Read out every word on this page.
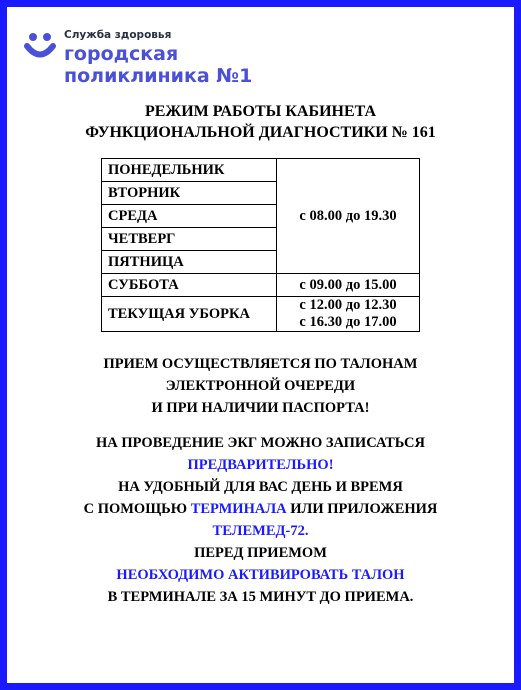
Служба здоровья
городская
поликлиника №1
РЕЖИМ РАБОТЫ КАБИНЕТА
ФУНКЦИОНАЛЬНОЙ ДИАГНОСТИКИ № 161
ПОНЕДЕЛЬНИК	с 08.00 до 19.30
ВТОРНИК	
СРЕДА	
ЧЕТВЕРГ	
ПЯТНИЦА	
СУББОТА	с 09.00 до 15.00
ТЕКУЩАЯ УБОРКА	с 12.00 до 12.30
с 16.30 до 17.00
ПРИЕМ ОСУЩЕСТВЛЯЕТСЯ ПО ТАЛОНАМ
ЭЛЕКТРОННОЙ ОЧЕРЕДИ
И ПРИ НАЛИЧИИ ПАСПОРТА!
НА ПРОВЕДЕНИЕ ЭКГ МОЖНО ЗАПИСАТЬСЯ
ПРЕДВАРИТЕЛЬНО!
НА УДОБНЫЙ ДЛЯ ВАС ДЕНЬ И ВРЕМЯ
С ПОМОЩЬЮ ТЕРМИНАЛА ИЛИ ПРИЛОЖЕНИЯ
ТЕЛЕМЕД-72.
ПЕРЕД ПРИЕМОМ
НЕОБХОДИМО АКТИВИРОВАТЬ ТАЛОН
В ТЕРМИНАЛЕ ЗА 15 МИНУТ ДО ПРИЕМА.
